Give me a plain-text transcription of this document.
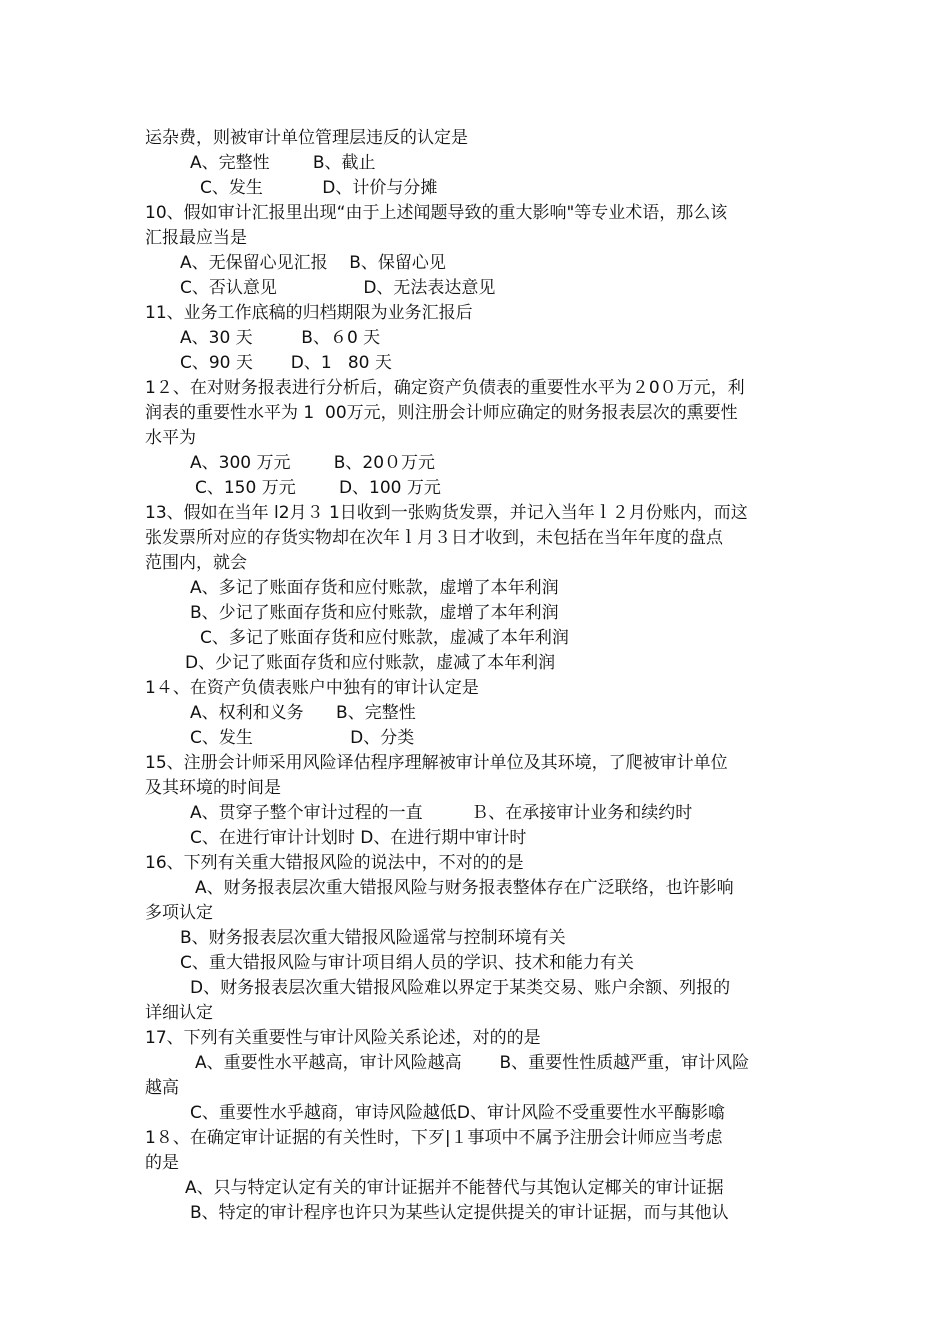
运杂费，则被审计单位管理层违反的认定是
A、完整性        B、截止
C、发生           D、计价与分摊
10、假如审计汇报里出现“由于上述闻题导致的重大影响"等专业术语，那么该
汇报最应当是
A、无保留心见汇报    B、保留心见
C、否认意见                D、无法表达意见
11、业务工作底稿的归档期限为业务汇报后
A、30 天         B、６0 天
C、90 天       D、1   80 天
1２、在对财务报表进行分析后，确定资产负债表的重要性水平为２0０万元，利
润表的重要性水平为 1  00万元，则注册会计师应确定的财务报表层次的熏要性
水平为
A、300 万元        B、20０万元
C、150 万元        D、100 万元
13、假如在当年 l2月３ 1日收到一张购货发票，并记入当年ｌ２月份账内，而这
张发票所对应的存货实物却在次年ｌ月３日才收到，未包括在当年年度的盘点
范围内，就会
A、多记了账面存货和应付账款，虚增了本年利润
B、少记了账面存货和应付账款，虚增了本年利润
C、多记了账面存货和应付账款，虚减了本年利润
D、少记了账面存货和应付账款，虚减了本年利润
1４、在资产负债表账户中独有的审计认定是
A、权利和义务      B、完整性
C、发生                  D、分类
15、注册会计师采用风险译估程序理解被审计单位及其环境，了爬被审计单位
及其环境的时间是
A、贯穿子整个审计过程的一直         Ｂ、在承接审计业务和续约时
C、在进行审计计划时 D、在进行期中审计时
16、下列有关重大错报风险的说法中，不对的的是
A、财务报表层次重大错报风险与财务报表整体存在广泛联络，也许影响
多项认定
B、财务报表层次重大错报风险遥常与控制环境有关
C、重大错报风险与审计项目绢人员的学识、技术和能力有关
D、财务报表层次重大错报风险难以界定于某类交易、账户余额、列报的
详细认定
17、下列有关重要性与审计风险关系论述，对的的是
A、重要性水平越高，审计风险越高       B、重要性性质越严重，审计风险
越高
C、重要性水乎越商，审诗风险越低D、审计风险不受重要性水平酶影噏
1８、在确定审计证据的有关性时，下歹|１事项中不属予注册会计师应当考虑
的是
A、只与特定认定有关的审计证据并不能替代与其饱认定椰关的审计证据
B、特定的审计程序也许只为某些认定提供提关的审计证据，而与其他认
